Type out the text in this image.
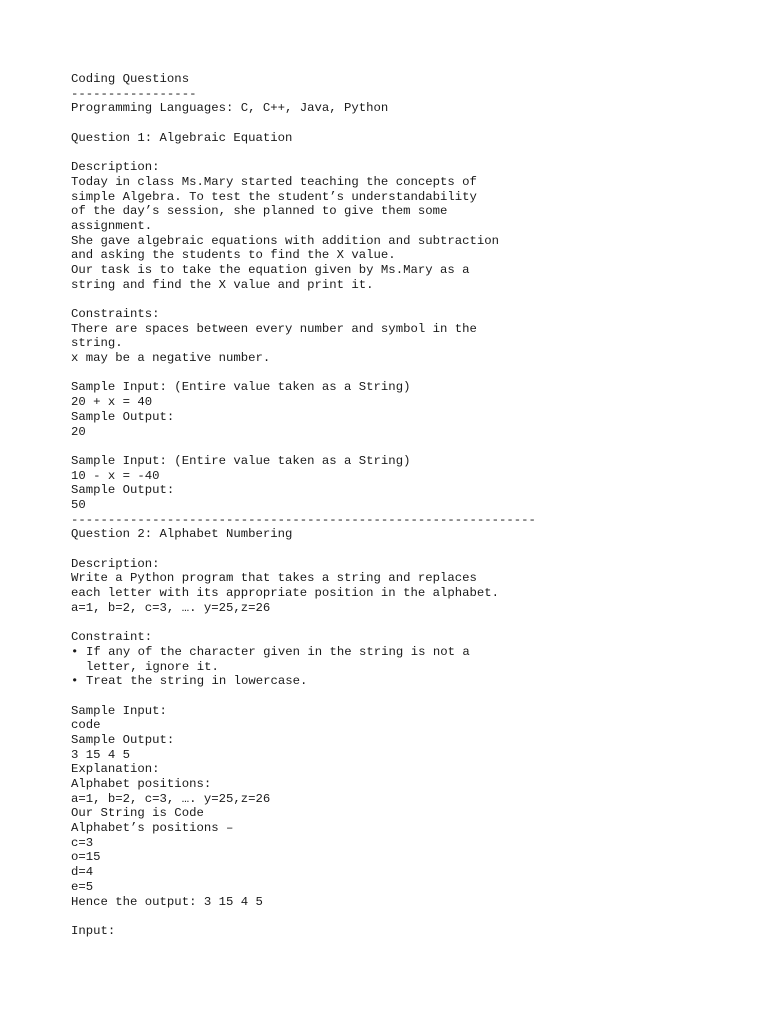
Coding Questions
-----------------
Programming Languages: C, C++, Java, Python
Question 1: Algebraic Equation
Description:
Today in class Ms.Mary started teaching the concepts of
simple Algebra. To test the student’s understandability
of the day’s session, she planned to give them some
assignment.
She gave algebraic equations with addition and subtraction
and asking the students to find the X value.
Our task is to take the equation given by Ms.Mary as a
string and find the X value and print it.
Constraints:
There are spaces between every number and symbol in the
string.
x may be a negative number.
Sample Input: (Entire value taken as a String)
20 + x = 40
Sample Output:
20
Sample Input: (Entire value taken as a String)
10 - x = -40
Sample Output:
50
---------------------------------------------------------------
Question 2: Alphabet Numbering
Description:
Write a Python program that takes a string and replaces
each letter with its appropriate position in the alphabet.
a=1, b=2, c=3, …. y=25,z=26
Constraint:
• If any of the character given in the string is not a
letter, ignore it.
• Treat the string in lowercase.
Sample Input:
code
Sample Output:
3 15 4 5
Explanation:
Alphabet positions:
a=1, b=2, c=3, …. y=25,z=26
Our String is Code
Alphabet’s positions –
c=3
o=15
d=4
e=5
Hence the output: 3 15 4 5
Input:
